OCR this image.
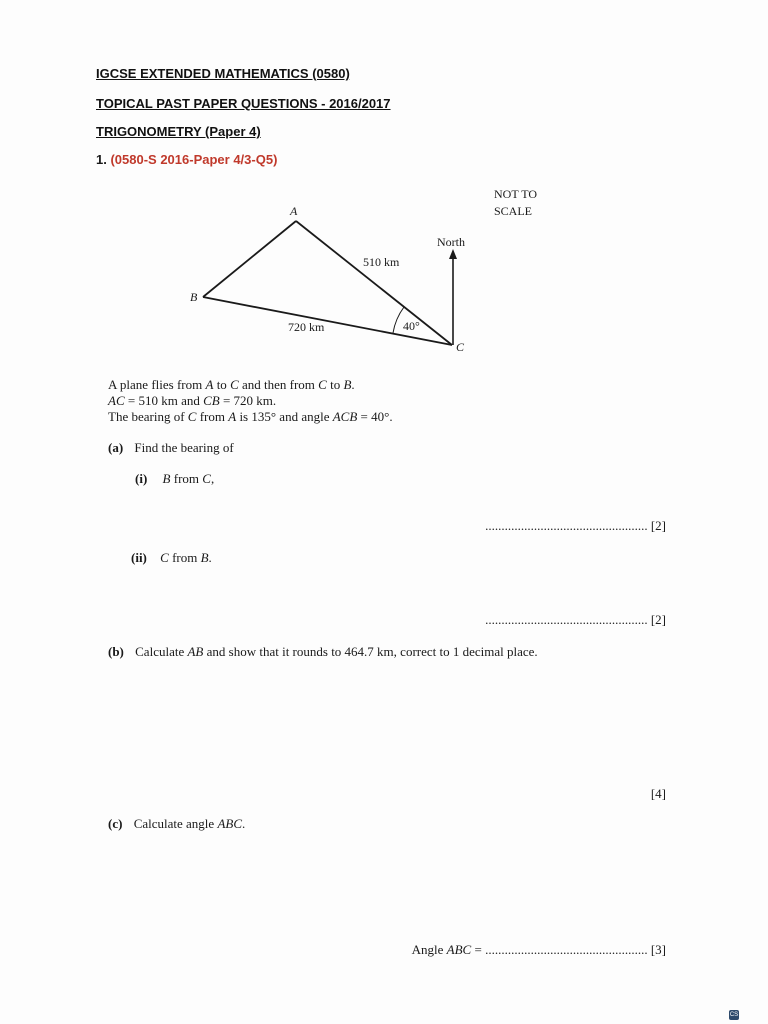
IGCSE EXTENDED MATHEMATICS (0580)
TOPICAL PAST PAPER QUESTIONS - 2016/2017
TRIGONOMETRY (Paper 4)
1. (0580-S 2016-Paper 4/3-Q5)
NOT TO
SCALE
North
A
B
C
510 km
720 km	40°
A plane flies from A to C and then from C to B.
AC = 510 km and CB = 720 km.
The bearing of C from A is 135° and angle ACB = 40°.
(a) Find the bearing of
(i) B from C,
.................................................. [2]
(ii) C from B.
.................................................. [2]
(b) Calculate AB and show that it rounds to 464.7 km, correct to 1 decimal place.
[4]
(c) Calculate angle ABC.
Angle ABC = .................................................. [3]
CS
